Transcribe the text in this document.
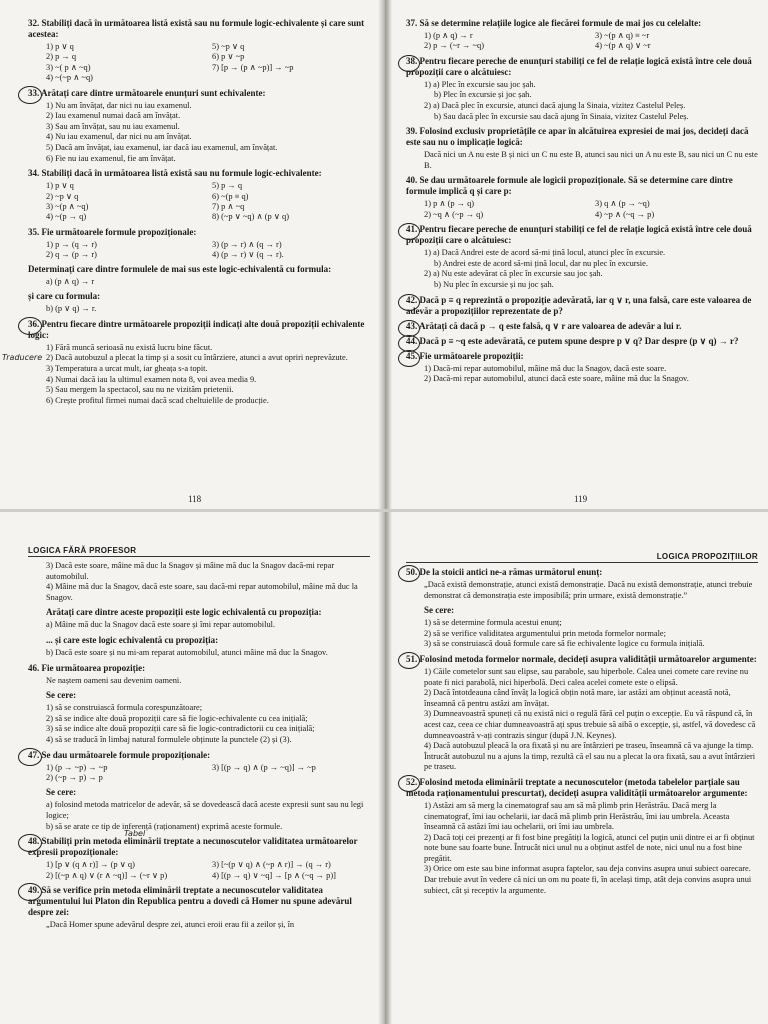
32. Stabiliți dacă în următoarea listă există sau nu formule logic-echivalente și care sunt acestea:
1) p ∨ q
2) p → q
3) ~( p ∧ ~q)
4) ~(~p ∧ ~q)
5) ~p ∨ q
6) p ∨ ~p
7) [p → (p ∧ ~p)] → ~p
33. Arătați care dintre următoarele enunțuri sunt echivalente:
1) Nu am învățat, dar nici nu iau examenul.
2) Iau examenul numai dacă am învățat.
3) Sau am învățat, sau nu iau examenul.
4) Nu iau examenul, dar nici nu am învățat.
5) Dacă am învățat, iau examenul, iar dacă iau examenul, am învățat.
6) Fie nu iau examenul, fie am învățat.
34. Stabiliți dacă în următoarea listă există sau nu formule logic-echivalente:
1) p ∨ q
2) ~p ∨ q
3) ~(p ∧ ~q)
4) ~(p → q)
5) p → q
6) ~(p ≡ q)
7) p ∧ ~q
8) (~p ∨ ~q) ∧ (p ∨ q)
35. Fie următoarele formule propoziționale:
1) p → (q → r)
2) q → (p → r)
3) (p → r) ∧ (q → r)
4) (p → r) ∨ (q → r).
Determinați care dintre formulele de mai sus este logic-echivalentă cu formula:
a) (p ∧ q) → r
și care cu formula:
b) (p ∨ q) → r.
Traducere
36. Pentru fiecare dintre următoarele propoziții indicați alte două propoziții echivalente logic:
1) Fără muncă serioasă nu există lucru bine făcut.
2) Dacă autobuzul a plecat la timp și a sosit cu întârziere, atunci a avut opriri neprevăzute.
3) Temperatura a urcat mult, iar gheața s-a topit.
4) Numai dacă iau la ultimul examen nota 8, voi avea media 9.
5) Sau mergem la spectacol, sau nu ne vizităm prietenii.
6) Crește profitul firmei numai dacă scad cheltuielile de producție.
118
37. Să se determine relațiile logice ale fiecărei formule de mai jos cu celelalte:
1) (p ∧ q) → r
2) p → (~r → ~q)
3) ~(p ∧ q) ≡ ~r
4) ~(p ∧ q) ∨ ~r
38. Pentru fiecare pereche de enunțuri stabiliți ce fel de relație logică există între cele două propoziții care o alcătuiesc:
1) a) Plec în excursie sau joc șah.
b) Plec în excursie și joc șah.
2) a) Dacă plec în excursie, atunci dacă ajung la Sinaia, vizitez Castelul Peleș.
b) Sau dacă plec în excursie sau dacă ajung în Sinaia, vizitez Castelul Peleș.
39. Folosind exclusiv proprietățile ce apar în alcătuirea expresiei de mai jos, decideți dacă este sau nu o implicație logică:
Dacă nici un A nu este B și nici un C nu este B, atunci sau nici un A nu este B, sau nici un C nu este B.
40. Se dau următoarele formule ale logicii propoziționale. Să se determine care dintre formule implică q și care p:
1) p ∧ (p → q)
2) ~q ∧ (~p → q)
3) q ∧ (p → ~q)
4) ~p ∧ (~q → p)
41. Pentru fiecare pereche de enunțuri stabiliți ce fel de relație logică există între cele două propoziții care o alcătuiesc:
1) a) Dacă Andrei este de acord să-mi țină locul, atunci plec în excursie.
b) Andrei este de acord să-mi țină locul, dar nu plec în excursie.
2) a) Nu este adevărat că plec în excursie sau joc șah.
b) Nu plec în excursie și nu joc șah.
42. Dacă p ≡ q reprezintă o propoziție adevărată, iar q ∨ r, una falsă, care este valoarea de adevăr a propozițiilor reprezentate de p?
43. Arătați că dacă p → q este falsă, q ∨ r are valoarea de adevăr a lui r.
44. Dacă p ≡ ~q este adevărată, ce putem spune despre p ∨ q? Dar despre (p ∨ q) → r?
45. Fie următoarele propoziții:
1) Dacă-mi repar automobilul, mâine mă duc la Snagov, dacă este soare.
2) Dacă-mi repar automobilul, atunci dacă este soare, mâine mă duc la Snagov.
119
LOGICA FĂRĂ PROFESOR
3) Dacă este soare, mâine mă duc la Snagov și mâine mă duc la Snagov dacă-mi repar automobilul.
4) Mâine mă duc la Snagov, dacă este soare, sau dacă-mi repar automobilul, mâine mă duc la Snagov.
Arătați care dintre aceste propoziții este logic echivalentă cu propoziția:
a) Mâine mă duc la Snagov dacă este soare și îmi repar automobilul.
... și care este logic echivalentă cu propoziția:
b) Dacă este soare și nu mi-am reparat automobilul, atunci mâine mă duc la Snagov.
46. Fie următoarea propoziție:
Ne naștem oameni sau devenim oameni.
Se cere:
1) să se construiască formula corespunzătoare;
2) să se indice alte două propoziții care să fie logic-echivalente cu cea inițială;
3) să se indice alte două propoziții care să fie logic-contradictorii cu cea inițială;
4) să se traducă în limbaj natural formulele obținute la punctele (2) și (3).
47. Se dau următoarele formule propoziționale:
1) (p → ~p) → ~p
2) (~p → p) → p
3) [(p → q) ∧ (p → ~q)] → ~p
Se cere:
a) folosind metoda matricelor de adevăr, să se dovedească dacă aceste expresii sunt sau nu legi logice;
b) să se arate ce tip de inferență (raționament) exprimă aceste formule.
Tabel
48. Stabiliți prin metoda eliminării treptate a necunoscutelor validitatea următoarelor expresii propoziționale:
1) [p ∨ (q ∧ r)] → (p ∨ q)
2) [(~p ∧ q) ∨ (r ∧ ~q)] → (~r ∨ p)
3) [~(p ∨ q) ∧ (~p ∧ r)] → (q → r)
4) [(p → q) ∨ ~q] → [p ∧ (~q → p)]
49. Să se verifice prin metoda eliminării treptate a necunoscutelor validitatea argumentului lui Platon din Republica pentru a dovedi că Homer nu spune adevărul despre zei:
„Dacă Homer spune adevărul despre zei, atunci eroii erau fii a zeilor și, în
LOGICA PROPOZIȚIILOR
50. De la stoicii antici ne-a rămas următorul enunț:
„Dacă există demonstrație, atunci există demonstrație. Dacă nu există demonstrație, atunci trebuie demonstrat că demonstrația este imposibilă; prin urmare, există demonstrație.”
Se cere:
1) să se determine formula acestui enunț;
2) să se verifice validitatea argumentului prin metoda formelor normale;
3) să se construiască două formule care să fie echivalente logice cu formula inițială.
51. Folosind metoda formelor normale, decideți asupra validității următoarelor argumente:
1) Căile cometelor sunt sau elipse, sau parabole, sau hiperbole. Calea unei comete care revine nu poate fi nici parabolă, nici hiperbolă. Deci calea acelei comete este o elipsă.
2) Dacă întotdeauna când învăț la logică obțin notă mare, iar astăzi am obținut această notă, înseamnă că pentru astăzi am învățat.
3) Dumneavoastră spuneți că nu există nici o regulă fără cel puțin o excepție. Eu vă răspund că, în acest caz, ceea ce chiar dumneavoastră ați spus trebuie să aibă o excepție, și, astfel, vă dovedesc că dumneavoastră v-ați contrazis singur (după J.N. Keynes).
4) Dacă autobuzul pleacă la ora fixată și nu are întârzieri pe traseu, înseamnă că va ajunge la timp. Întrucât autobuzul nu a ajuns la timp, rezultă că el sau nu a plecat la ora fixată, sau a avut întârzieri pe traseu.
52. Folosind metoda eliminării treptate a necunoscutelor (metoda tabelelor parțiale sau metoda raționamentului prescurtat), decideți asupra validității următoarelor argumente:
1) Astăzi am să merg la cinematograf sau am să mă plimb prin Herăstrău. Dacă merg la cinematograf, îmi iau ochelarii, iar dacă mă plimb prin Herăstrău, îmi iau umbrela. Aceasta înseamnă că astăzi îmi iau ochelarii, ori îmi iau umbrela.
2) Dacă toți cei prezenți ar fi fost bine pregătiți la logică, atunci cel puțin unii dintre ei ar fi obținut note bune sau foarte bune. Întrucât nici unul nu a obținut astfel de note, nici unul nu a fost bine pregătit.
3) Orice om este sau bine informat asupra faptelor, sau deja convins asupra unui subiect oarecare. Dar trebuie avut în vedere că nici un om nu poate fi, în același timp, atât deja convins asupra unui subiect, cât și receptiv la argumente.
